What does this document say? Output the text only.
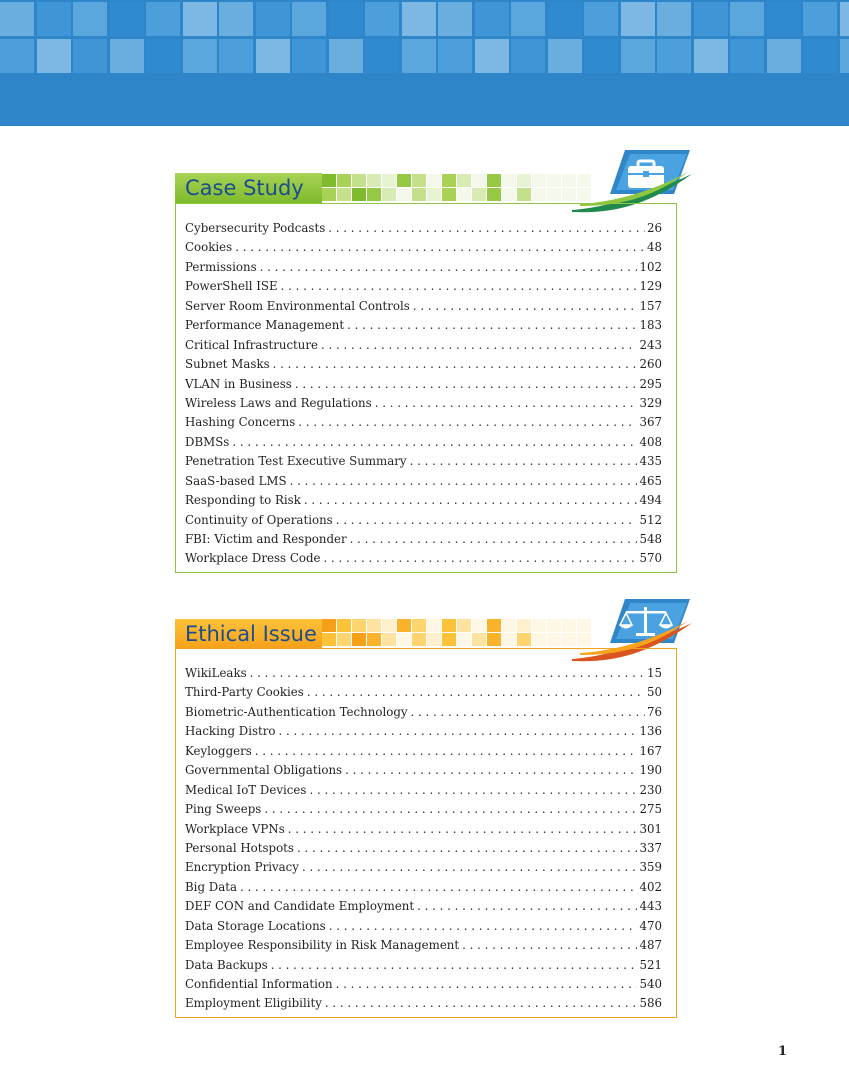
Case Study
Cybersecurity Podcasts . . .	26
Cookies . . .	48
Permissions . . .	102
PowerShell ISE . . .	129
Server Room Environmental Controls . . .	157
Performance Management . . .	183
Critical Infrastructure . . .	243
Subnet Masks . . .	260
VLAN in Business . . .	295
Wireless Laws and Regulations . . .	329
Hashing Concerns . . .	367
DBMSs . . .	408
Penetration Test Executive Summary . . .	435
SaaS-based LMS . . .	465
Responding to Risk . . .	494
Continuity of Operations . . .	512
FBI: Victim and Responder . . .	548
Workplace Dress Code . . .	570
Ethical Issue
WikiLeaks . . .	15
Third-Party Cookies . . .	50
Biometric-Authentication Technology . . .	76
Hacking Distro . . .	136
Keyloggers . . .	167
Governmental Obligations . . .	190
Medical IoT Devices . . .	230
Ping Sweeps . . .	275
Workplace VPNs . . .	301
Personal Hotspots . . .	337
Encryption Privacy . . .	359
Big Data . . .	402
DEF CON and Candidate Employment . . .	443
Data Storage Locations . . .	470
Employee Responsibility in Risk Management . . .	487
Data Backups . . .	521
Confidential Information . . .	540
Employment Eligibility . . .	586
1
